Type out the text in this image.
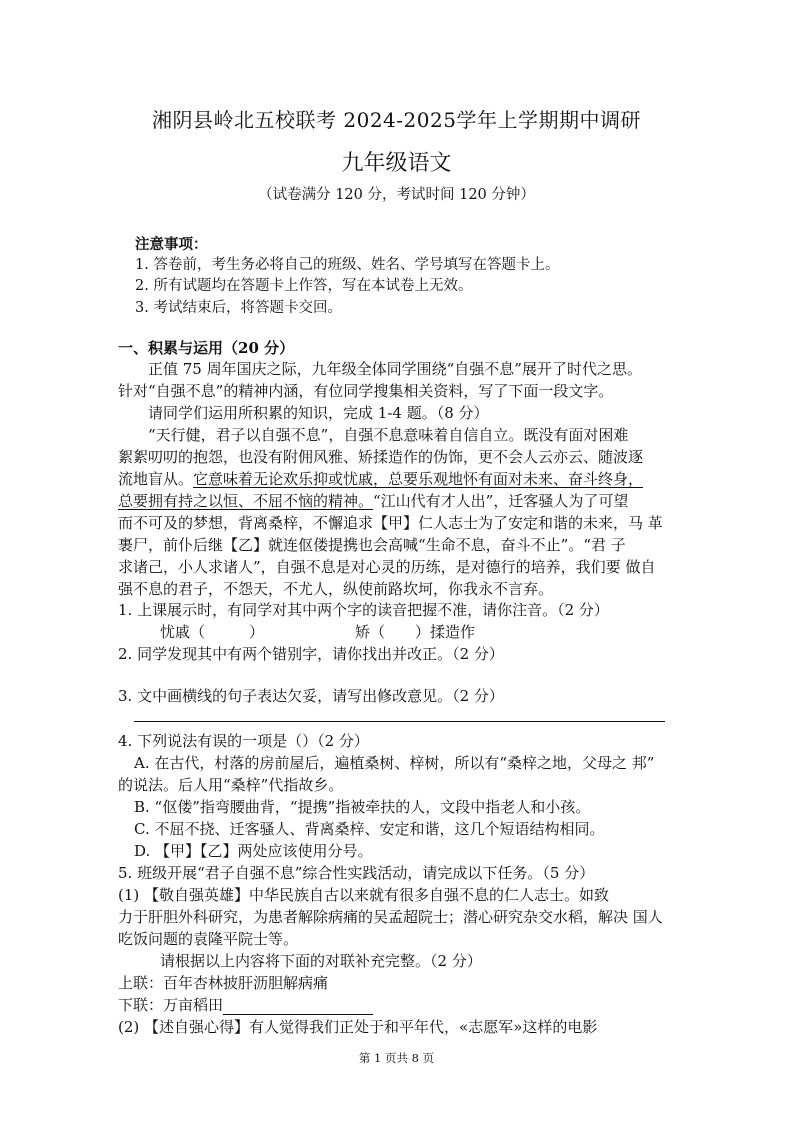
湘阴县岭北五校联考 2024-2025学年上学期期中调研
九年级语文
（试卷满分 120 分，考试时间 120 分钟）
注意事项：
1. 答卷前，考生务必将自己的班级、姓名、学号填写在答题卡上。
2. 所有试题均在答题卡上作答，写在本试卷上无效。
3. 考试结束后，将答题卡交回。
一、积累与运用（20 分）
正值 75 周年国庆之际，九年级全体同学围绕“自强不息”展开了时代之思。
针对“自强不息”的精神内涵，有位同学搜集相关资料，写了下面一段文字。
请同学们运用所积累的知识，完成 1-4 题。（8 分）
“天行健，君子以自强不息”，自强不息意味着自信自立。既没有面对困难
絮絮叨叨的抱怨，也没有附佣风雅、矫揉造作的伪饰，更不会人云亦云、随波逐
流地盲从。它意味着无论欢乐抑或忧戚，总要乐观地怀有面对未来、奋斗终身，
总要拥有持之以恒、不屈不恼的精神。“江山代有才人出”，迁客骚人为了可望
而不可及的梦想，背离桑梓，不懈追求【甲】仁人志士为了安定和谐的未来，马 革
裹尸，前仆后继【乙】就连伛偻提携也会高喊“生命不息，奋斗不止”。“君 子
求诸己，小人求诸人”，自强不息是对心灵的历练，是对德行的培养，我们要 做自
强不息的君子，不怨天，不尤人，纵使前路坎坷，你我永不言弃。
1. 上课展示时，有同学对其中两个字的读音把握不准，请你注音。（2 分）
忧戚（	）	矫（ ）揉造作
2. 同学发现其中有两个错别字，请你找出并改正。（2 分）
3. 文中画横线的句子表达欠妥，请写出修改意见。（2 分）
4. 下列说法有误的一项是（）（2 分）
A. 在古代，村落的房前屋后，遍植桑树、梓树，所以有“桑梓之地，父母之 邦”
的说法。后人用“桑梓”代指故乡。
B. “伛偻”指弯腰曲背，“提携”指被牵扶的人，文段中指老人和小孩。
C. 不屈不挠、迁客骚人、背离桑梓、安定和谐，这几个短语结构相同。
D. 【甲】【乙】两处应该使用分号。
5. 班级开展“君子自强不息”综合性实践活动，请完成以下任务。（5 分）
(1) 【敬自强英雄】中华民族自古以来就有很多自强不息的仁人志士。如致
力于肝胆外科研究，为患者解除病痛的吴孟超院士；潜心研究杂交水稻，解决 国人
吃饭问题的袁隆平院士等。
请根据以上内容将下面的对联补充完整。（2 分）
上联：百年杏林披肝沥胆解病痛
下联：万亩稻田
(2) 【述自强心得】有人觉得我们正处于和平年代，«志愿军»这样的电影
第 1 页共 8 页
